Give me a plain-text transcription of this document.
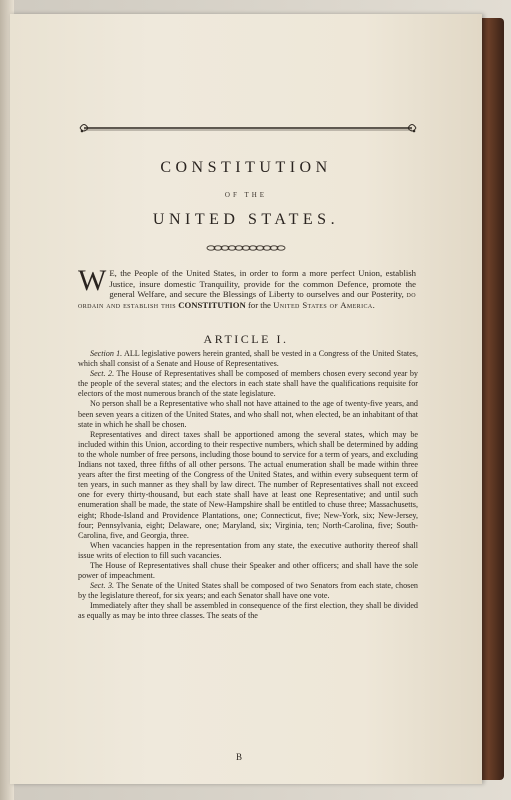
CONSTITUTION
OF THE
UNITED STATES.
W E, the People of the United States, in order to form a more perfect Union, establish Justice, insure domestic Tranquility, provide for the common Defence, promote the general Welfare, and secure the Blessings of Liberty to ourselves and our Posterity, do ordain and establish this CONSTITUTION for the United States of America.
ARTICLE I.

Section 1. ALL legislative powers herein granted, shall be vested in a Congress of the United States, which shall consist of a Senate and House of Representatives.

Sect. 2. The House of Representatives shall be composed of members chosen every second year by the people of the several states; and the electors in each state shall have the qualifications requisite for electors of the most numerous branch of the state legislature.

No person shall be a Representative who shall not have attained to the age of twenty-five years, and been seven years a citizen of the United States, and who shall not, when elected, be an inhabitant of that state in which he shall be chosen.

Representatives and direct taxes shall be apportioned among the several states, which may be included within this Union, according to their respective numbers, which shall be determined by adding to the whole number of free persons, including those bound to service for a term of years, and excluding Indians not taxed, three fifths of all other persons. The actual enumeration shall be made within three years after the first meeting of the Congress of the United States, and within every subsequent term of ten years, in such manner as they shall by law direct. The number of Representatives shall not exceed one for every thirty-thousand, but each state shall have at least one Representative; and until such enumeration shall be made, the state of New-Hampshire shall be entitled to chuse three; Massachusetts, eight; Rhode-Island and Providence Plantations, one; Connecticut, five; New-York, six; New-Jersey, four; Pennsylvania, eight; Delaware, one; Maryland, six; Virginia, ten; North-Carolina, five; South-Carolina, five, and Georgia, three.

When vacancies happen in the representation from any state, the executive authority thereof shall issue writs of election to fill such vacancies.

The House of Representatives shall chuse their Speaker and other officers; and shall have the sole power of impeachment.

Sect. 3. The Senate of the United States shall be composed of two Senators from each state, chosen by the legislature thereof, for six years; and each Senator shall have one vote.

Immediately after they shall be assembled in consequence of the first election, they shall be divided as equally as may be into three classes. The seats of the

B
